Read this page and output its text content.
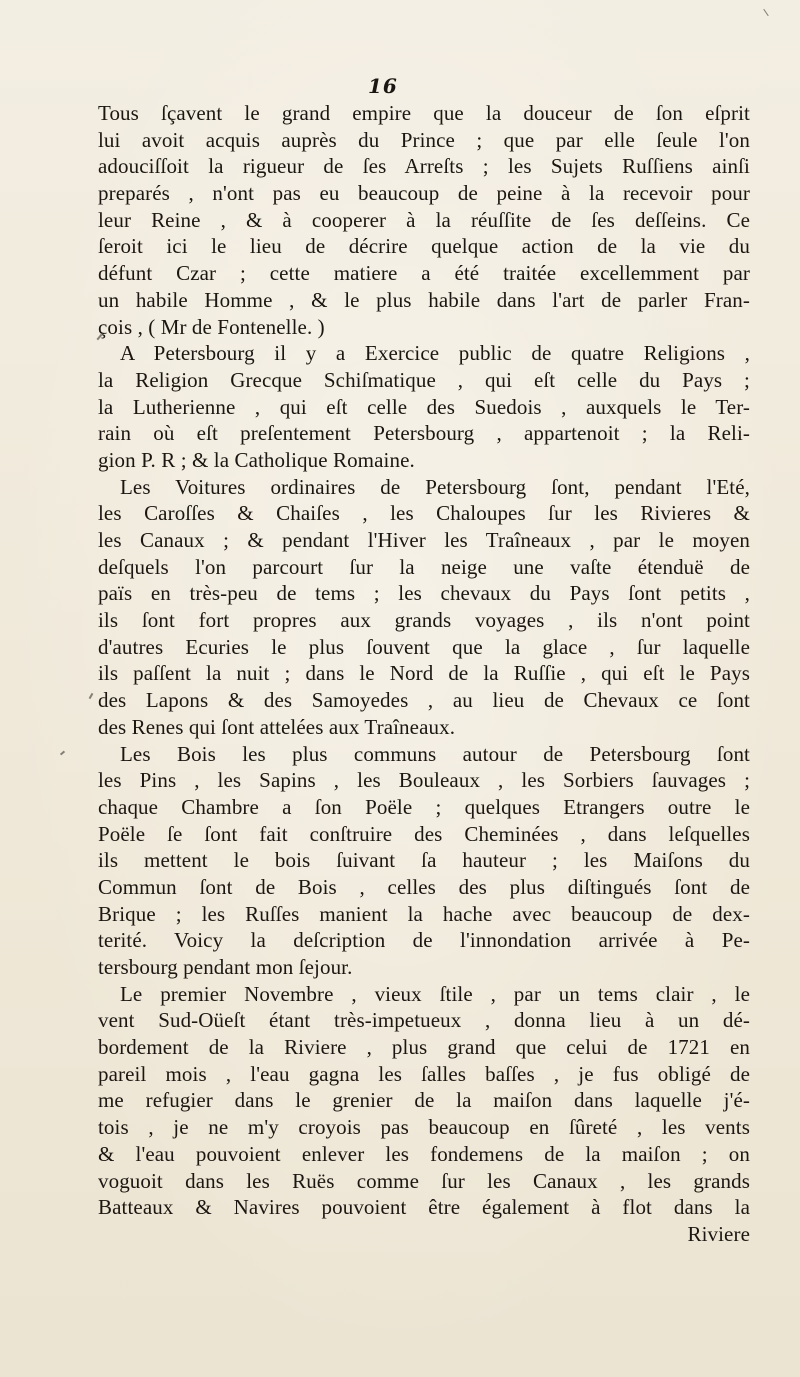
16
Tous ſçavent le grand empire que la douceur de ſon eſprit
lui avoit acquis auprès du Prince ; que par elle ſeule l'on
adouciſſoit la rigueur de ſes Arreſts ; les Sujets Ruſſiens ainſi
preparés , n'ont pas eu beaucoup de peine à la recevoir pour
leur Reine , & à cooperer à la réuſſite de ſes deſſeins. Ce
ſeroit ici le lieu de décrire quelque action de la vie du
défunt Czar ; cette matiere a été traitée excellemment par
un habile Homme , & le plus habile dans l'art de parler Fran-
çois , ( Mr de Fontenelle. )
A Petersbourg il y a Exercice public de quatre Religions ,
la Religion Grecque Schiſmatique , qui eſt celle du Pays ;
la Lutherienne , qui eſt celle des Suedois , auxquels le Ter-
rain où eſt preſentement Petersbourg , appartenoit ; la Reli-
gion P. R ; & la Catholique Romaine.
Les Voitures ordinaires de Petersbourg ſont, pendant l'Eté,
les Caroſſes & Chaiſes , les Chaloupes ſur les Rivieres &
les Canaux ; & pendant l'Hiver les Traîneaux , par le moyen
deſquels l'on parcourt ſur la neige une vaſte étenduë de
païs en très-peu de tems ; les chevaux du Pays ſont petits ,
ils ſont fort propres aux grands voyages , ils n'ont point
d'autres Ecuries le plus ſouvent que la glace , ſur laquelle
ils paſſent la nuit ; dans le Nord de la Ruſſie , qui eſt le Pays
des Lapons & des Samoyedes , au lieu de Chevaux ce ſont
des Renes qui ſont attelées aux Traîneaux.
Les Bois les plus communs autour de Petersbourg ſont
les Pins , les Sapins , les Bouleaux , les Sorbiers ſauvages ;
chaque Chambre a ſon Poële ; quelques Etrangers outre le
Poële ſe ſont fait conſtruire des Cheminées , dans leſquelles
ils mettent le bois ſuivant ſa hauteur ; les Maiſons du
Commun ſont de Bois , celles des plus diſtingués ſont de
Brique ; les Ruſſes manient la hache avec beaucoup de dex-
terité. Voicy la deſcription de l'innondation arrivée à Pe-
tersbourg pendant mon ſejour.
Le premier Novembre , vieux ſtile , par un tems clair , le
vent Sud-Oüeſt étant très-impetueux , donna lieu à un dé-
bordement de la Riviere , plus grand que celui de 1721 en
pareil mois , l'eau gagna les ſalles baſſes , je fus obligé de
me refugier dans le grenier de la maiſon dans laquelle j'é-
tois , je ne m'y croyois pas beaucoup en ſûreté , les vents
& l'eau pouvoient enlever les fondemens de la maiſon ; on
voguoit dans les Ruës comme ſur les Canaux , les grands
Batteaux & Navires pouvoient être également à flot dans la
Riviere
